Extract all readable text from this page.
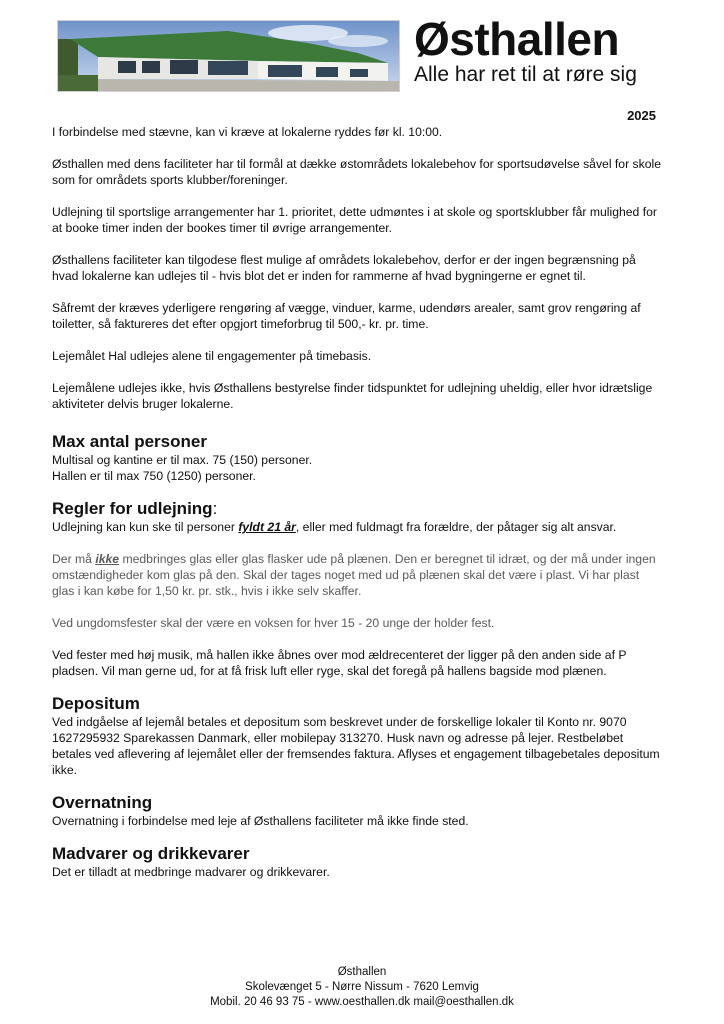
Østhallen
Alle har ret til at røre sig
2025
I forbindelse med stævne, kan vi kræve at lokalerne ryddes før kl. 10:00.
Østhallen med dens faciliteter har til formål at dække østområdets lokalebehov for sportsudøvelse såvel for skole som for områdets sports klubber/foreninger.
Udlejning til sportslige arrangementer har 1. prioritet, dette udmøntes i at skole og sportsklubber får mulighed for at booke timer inden der bookes timer til øvrige arrangementer.
Østhallens faciliteter kan tilgodese flest mulige af områdets lokalebehov, derfor er der ingen begrænsning på hvad lokalerne kan udlejes til - hvis blot det er inden for rammerne af hvad bygningerne er egnet til.
Såfremt der kræves yderligere rengøring af vægge, vinduer, karme, udendørs arealer, samt grov rengøring af toiletter, så faktureres det efter opgjort timeforbrug til 500,- kr. pr. time.
Lejemålet Hal udlejes alene til engagementer på timebasis.
Lejemålene udlejes ikke, hvis Østhallens bestyrelse finder tidspunktet for udlejning uheldig, eller hvor idrætslige aktiviteter delvis bruger lokalerne.
Max antal personer
Multisal og kantine er til max. 75 (150) personer.
Hallen er til max 750 (1250) personer.
Regler for udlejning:
Udlejning kan kun ske til personer fyldt 21 år, eller med fuldmagt fra forældre, der påtager sig alt ansvar.
Der må ikke medbringes glas eller glas flasker ude på plænen. Den er beregnet til idræt, og der må under ingen omstændigheder kom glas på den. Skal der tages noget med ud på plænen skal det være i plast. Vi har plast glas i kan købe for 1,50 kr. pr. stk., hvis i ikke selv skaffer.
Ved ungdomsfester skal der være en voksen for hver 15 - 20 unge der holder fest.
Ved fester med høj musik, må hallen ikke åbnes over mod ældrecenteret der ligger på den anden side af P pladsen. Vil man gerne ud, for at få frisk luft eller ryge, skal det foregå på hallens bagside mod plænen.
Depositum
Ved indgåelse af lejemål betales et depositum som beskrevet under de forskellige lokaler til Konto nr. 9070 1627295932 Sparekassen Danmark, eller mobilepay 313270. Husk navn og adresse på lejer. Restbeløbet betales ved aflevering af lejemålet eller der fremsendes faktura. Aflyses et engagement tilbagebetales depositum ikke.
Overnatning
Overnatning i forbindelse med leje af Østhallens faciliteter må ikke finde sted.
Madvarer og drikkevarer
Det er tilladt at medbringe madvarer og drikkevarer.
Østhallen
Skolevænget 5 - Nørre Nissum - 7620 Lemvig
Mobil. 20 46 93 75 - www.oesthallen.dk mail@oesthallen.dk
